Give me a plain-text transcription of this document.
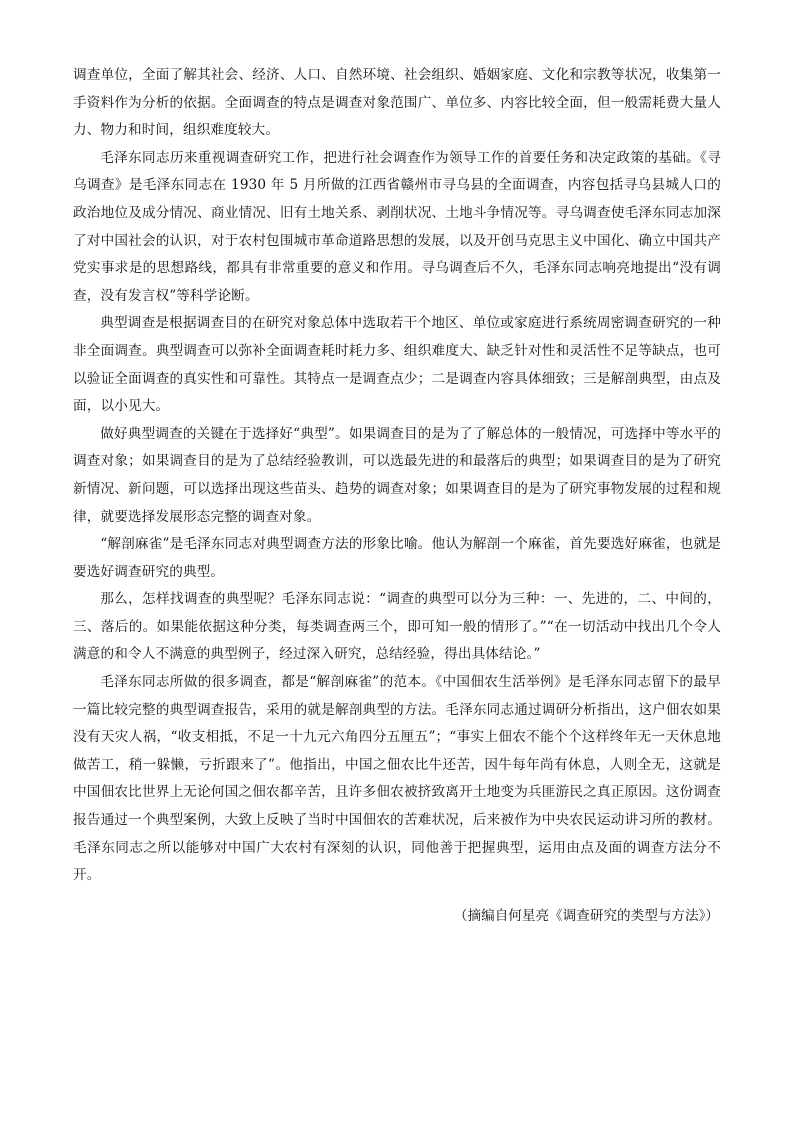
调查单位，全面了解其社会、经济、人口、自然环境、社会组织、婚姻家庭、文化和宗教等状况，收集第一手资料作为分析的依据。全面调查的特点是调查对象范围广、单位多、内容比较全面，但一般需耗费大量人力、物力和时间，组织难度较大。

毛泽东同志历来重视调查研究工作，把进行社会调查作为领导工作的首要任务和决定政策的基础。《寻乌调查》是毛泽东同志在 1930 年 5 月所做的江西省赣州市寻乌县的全面调查，内容包括寻乌县城人口的政治地位及成分情况、商业情况、旧有土地关系、剥削状况、土地斗争情况等。寻乌调查使毛泽东同志加深了对中国社会的认识，对于农村包围城市革命道路思想的发展，以及开创马克思主义中国化、确立中国共产党实事求是的思想路线，都具有非常重要的意义和作用。寻乌调查后不久，毛泽东同志响亮地提出“没有调查，没有发言权”等科学论断。

典型调查是根据调查目的在研究对象总体中选取若干个地区、单位或家庭进行系统周密调查研究的一种非全面调查。典型调查可以弥补全面调查耗时耗力多、组织难度大、缺乏针对性和灵活性不足等缺点，也可以验证全面调查的真实性和可靠性。其特点一是调查点少；二是调查内容具体细致；三是解剖典型，由点及面，以小见大。

做好典型调查的关键在于选择好“典型”。如果调查目的是为了了解总体的一般情况，可选择中等水平的调查对象；如果调查目的是为了总结经验教训，可以选最先进的和最落后的典型；如果调查目的是为了研究新情况、新问题，可以选择出现这些苗头、趋势的调查对象；如果调查目的是为了研究事物发展的过程和规律，就要选择发展形态完整的调查对象。

“解剖麻雀”是毛泽东同志对典型调查方法的形象比喻。他认为解剖一个麻雀，首先要选好麻雀，也就是要选好调查研究的典型。

那么，怎样找调查的典型呢？毛泽东同志说：“调查的典型可以分为三种：一、先进的，二、中间的，三、落后的。如果能依据这种分类，每类调查两三个，即可知一般的情形了。”“在一切活动中找出几个令人满意的和令人不满意的典型例子，经过深入研究，总结经验，得出具体结论。”

毛泽东同志所做的很多调查，都是“解剖麻雀”的范本。《中国佃农生活举例》是毛泽东同志留下的最早一篇比较完整的典型调查报告，采用的就是解剖典型的方法。毛泽东同志通过调研分析指出，这户佃农如果没有天灾人祸，“收支相抵，不足一十九元六角四分五厘五”；“事实上佃农不能个个这样终年无一天休息地做苦工，稍一躲懒，亏折跟来了”。他指出，中国之佃农比牛还苦，因牛每年尚有休息，人则全无，这就是中国佃农比世界上无论何国之佃农都辛苦，且许多佃农被挤致离开土地变为兵匪游民之真正原因。这份调查报告通过一个典型案例，大致上反映了当时中国佃农的苦难状况，后来被作为中央农民运动讲习所的教材。毛泽东同志之所以能够对中国广大农村有深刻的认识，同他善于把握典型，运用由点及面的调查方法分不开。

（摘编自何星亮《调查研究的类型与方法》）
